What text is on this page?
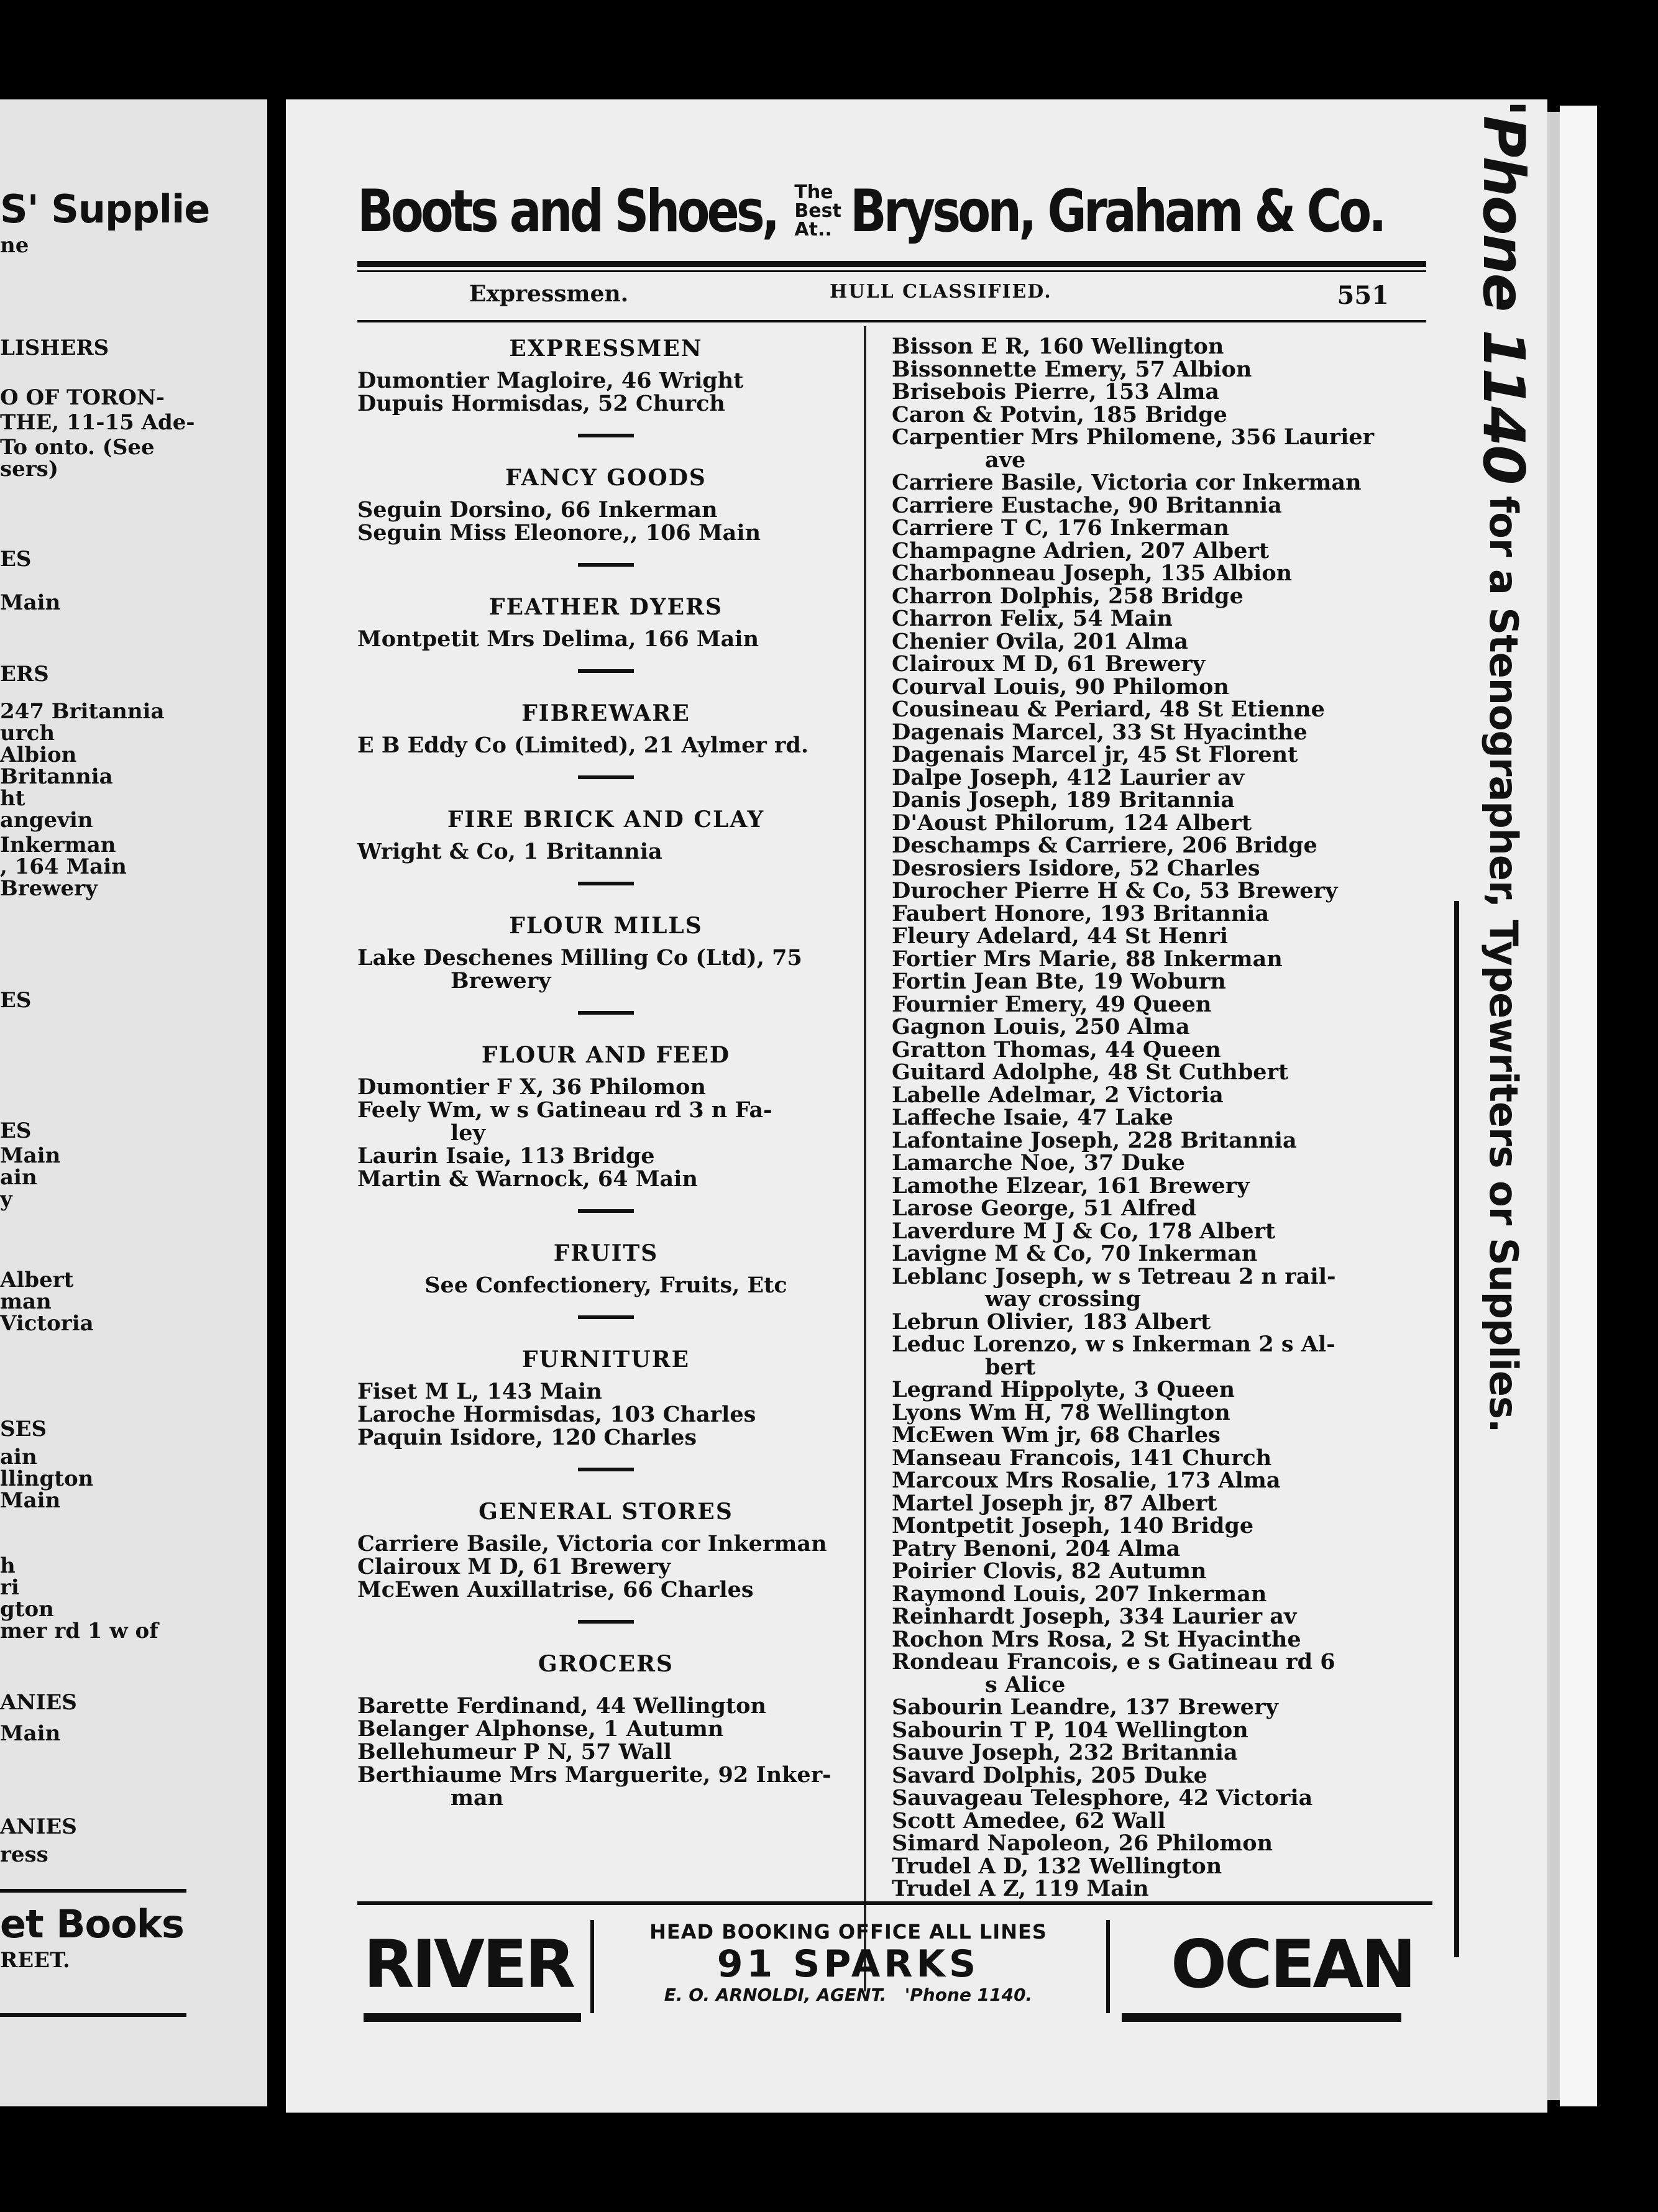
S' Supplie
ne
LISHERS
O OF TORON-
THE, 11-15 Ade-
To onto. (See
sers)
ES
Main
ERS
247 Britannia
urch
Albion
Britannia
ht
angevin
Inkerman
, 164 Main
Brewery
ES
ES
Main
ain
y
Albert
man
Victoria
SES
ain
llington
Main
h
ri
gton
mer rd 1 w of
ANIES
Main
ANIES
ress
et Books
REET.
Boots and Shoes, The
Best
At.. Bryson, Graham & Co.
Expressmen.	HULL CLASSIFIED.	551
EXPRESSMEN
Dumontier Magloire, 46 Wright
Dupuis Hormisdas, 52 Church
FANCY GOODS
Seguin Dorsino, 66 Inkerman
Seguin Miss Eleonore,, 106 Main
FEATHER DYERS
Montpetit Mrs Delima, 166 Main
FIBREWARE
E B Eddy Co (Limited), 21 Aylmer rd.
FIRE BRICK AND CLAY
Wright & Co, 1 Britannia
FLOUR MILLS
Lake Deschenes Milling Co (Ltd), 75
Brewery
FLOUR AND FEED
Dumontier F X, 36 Philomon
Feely Wm, w s Gatineau rd 3 n Fa-
ley
Laurin Isaie, 113 Bridge
Martin & Warnock, 64 Main
FRUITS
See Confectionery, Fruits, Etc
FURNITURE
Fiset M L, 143 Main
Laroche Hormisdas, 103 Charles
Paquin Isidore, 120 Charles
GENERAL STORES
Carriere Basile, Victoria cor Inkerman
Clairoux M D, 61 Brewery
McEwen Auxillatrise, 66 Charles
GROCERS
Barette Ferdinand, 44 Wellington
Belanger Alphonse, 1 Autumn
Bellehumeur P N, 57 Wall
Berthiaume Mrs Marguerite, 92 Inker-
man
Bisson E R, 160 Wellington
Bissonnette Emery, 57 Albion
Brisebois Pierre, 153 Alma
Caron & Potvin, 185 Bridge
Carpentier Mrs Philomene, 356 Laurier
ave
Carriere Basile, Victoria cor Inkerman
Carriere Eustache, 90 Britannia
Carriere T C, 176 Inkerman
Champagne Adrien, 207 Albert
Charbonneau Joseph, 135 Albion
Charron Dolphis, 258 Bridge
Charron Felix, 54 Main
Chenier Ovila, 201 Alma
Clairoux M D, 61 Brewery
Courval Louis, 90 Philomon
Cousineau & Periard, 48 St Etienne
Dagenais Marcel, 33 St Hyacinthe
Dagenais Marcel jr, 45 St Florent
Dalpe Joseph, 412 Laurier av
Danis Joseph, 189 Britannia
D'Aoust Philorum, 124 Albert
Deschamps & Carriere, 206 Bridge
Desrosiers Isidore, 52 Charles
Durocher Pierre H & Co, 53 Brewery
Faubert Honore, 193 Britannia
Fleury Adelard, 44 St Henri
Fortier Mrs Marie, 88 Inkerman
Fortin Jean Bte, 19 Woburn
Fournier Emery, 49 Queen
Gagnon Louis, 250 Alma
Gratton Thomas, 44 Queen
Guitard Adolphe, 48 St Cuthbert
Labelle Adelmar, 2 Victoria
Laffeche Isaie, 47 Lake
Lafontaine Joseph, 228 Britannia
Lamarche Noe, 37 Duke
Lamothe Elzear, 161 Brewery
Larose George, 51 Alfred
Laverdure M J & Co, 178 Albert
Lavigne M & Co, 70 Inkerman
Leblanc Joseph, w s Tetreau 2 n rail-
way crossing
Lebrun Olivier, 183 Albert
Leduc Lorenzo, w s Inkerman 2 s Al-
bert
Legrand Hippolyte, 3 Queen
Lyons Wm H, 78 Wellington
McEwen Wm jr, 68 Charles
Manseau Francois, 141 Church
Marcoux Mrs Rosalie, 173 Alma
Martel Joseph jr, 87 Albert
Montpetit Joseph, 140 Bridge
Patry Benoni, 204 Alma
Poirier Clovis, 82 Autumn
Raymond Louis, 207 Inkerman
Reinhardt Joseph, 334 Laurier av
Rochon Mrs Rosa, 2 St Hyacinthe
Rondeau Francois, e s Gatineau rd 6
s Alice
Sabourin Leandre, 137 Brewery
Sabourin T P, 104 Wellington
Sauve Joseph, 232 Britannia
Savard Dolphis, 205 Duke
Sauvageau Telesphore, 42 Victoria
Scott Amedee, 62 Wall
Simard Napoleon, 26 Philomon
Trudel A D, 132 Wellington
Trudel A Z, 119 Main
RIVER	HEAD BOOKING OFFICE ALL LINES
91 SPARKS
E. O. ARNOLDI, AGENT. 'Phone 1140.	OCEAN
'Phone 1140
for a Stenographer, Typewriters or Supplies.
